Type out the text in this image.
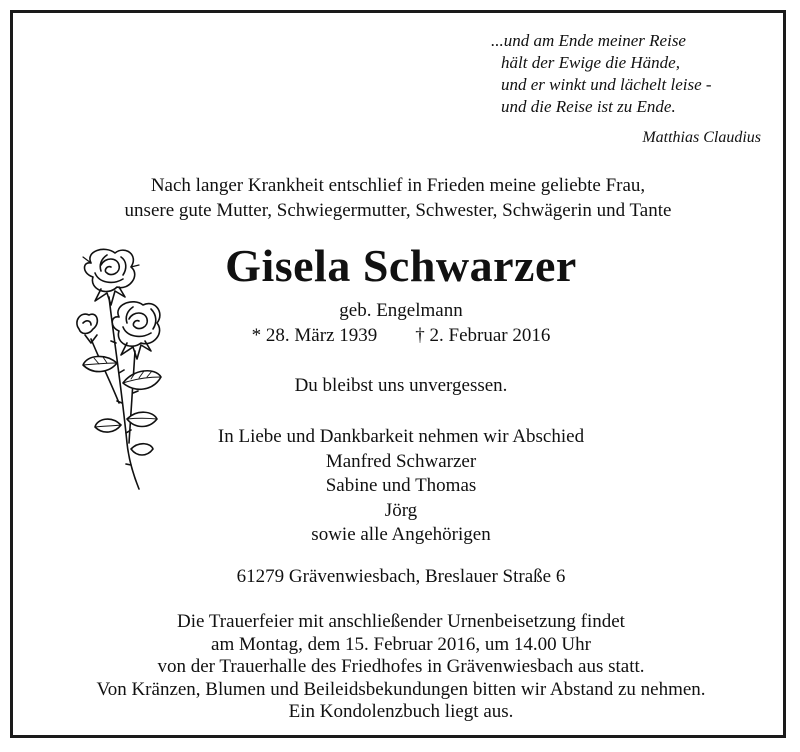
...und am Ende meiner Reise
hält der Ewige die Hände,
und er winkt und lächelt leise -
und die Reise ist zu Ende.
Matthias Claudius
Nach langer Krankheit entschlief in Frieden meine geliebte Frau,
unsere gute Mutter, Schwiegermutter, Schwester, Schwägerin und Tante
Gisela Schwarzer
geb. Engelmann
* 28. März 1939 † 2. Februar 2016
Du bleibst uns unvergessen.
In Liebe und Dankbarkeit nehmen wir Abschied
Manfred Schwarzer
Sabine und Thomas
Jörg
sowie alle Angehörigen
61279 Grävenwiesbach, Breslauer Straße 6
Die Trauerfeier mit anschließender Urnenbeisetzung findet
am Montag, dem 15. Februar 2016, um 14.00 Uhr
von der Trauerhalle des Friedhofes in Grävenwiesbach aus statt.
Von Kränzen, Blumen und Beileidsbekundungen bitten wir Abstand zu nehmen.
Ein Kondolenzbuch liegt aus.
